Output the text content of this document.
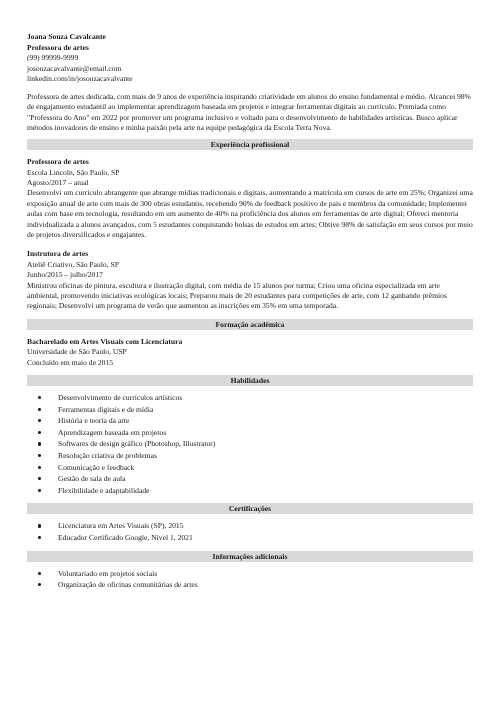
Joana Souza Cavalcante

Professora de artes

(99) 99999-9999

josouzacavalvante@email.com

linkedin.com/in/josouzacavalvante

Professora de artes dedicada, com mais de 9 anos de experiência inspirando criatividade em alunos do ensino fundamental e médio. Alcancei 98% de engajamento estudantil ao implementar aprendizagem baseada em projetos e integrar ferramentas digitais ao currículo. Premiada como "Professora do Ano" em 2022 por promover um programa inclusivo e voltado para o desenvolvimento de habilidades artísticas. Busco aplicar métodos inovadores de ensino e minha paixão pela arte na equipe pedagógica da Escola Terra Nova.

Experiência profissional

Professora de artes

Escola Lincoln, São Paulo, SP

Agosto/2017 – atual

Desenvolvi um currículo abrangente que abrange mídias tradicionais e digitais, aumentando a matrícula em cursos de arte em 25%; Organizei uma exposição anual de arte com mais de 300 obras estudantis, recebendo 90% de feedback positivo de pais e membros da comunidade; Implementei aulas com base em tecnologia, resultando em um aumento de 40% na proficiência dos alunos em ferramentas de arte digital; Ofereci mentoria individualizada a alunos avançados, com 5 estudantes conquistando bolsas de estudos em artes; Obtive 98% de satisfação em seus cursos por meio de projetos diversificados e engajantes.

Instrutora de artes

Ateliê Criativo, São Paulo, SP

Junho/2015 – julho/2017

Ministrou oficinas de pintura, escultura e ilustração digital, com média de 15 alunos por turma; Criou uma oficina especializada em arte ambiental, promovendo iniciativas ecológicas locais; Preparou mais de 20 estudantes para competições de arte, com 12 ganhando prêmios regionais; Desenvolvi um programa de verão que aumentou as inscrições em 35% em uma temporada.

Formação acadêmica

Bacharelado em Artes Visuais com Licenciatura

Universidade de São Paulo, USP

Concluído em maio de 2015

Habilidades
Desenvolvimento de currículos artísticos
Ferramentas digitais e de mídia
História e teoria da arte
Aprendizagem baseada em projetos
Softwares de design gráfico (Photoshop, Illustrator)
Resolução criativa de problemas
Comunicação e feedback
Gestão de sala de aula
Flexibilidade e adaptabilidade
Certificações
Licenciatura em Artes Visuais (SP), 2015
Educador Certificado Google, Nível 1, 2021
Informações adicionais
Voluntariado em projetos sociais
Organização de oficinas comunitárias de artes
